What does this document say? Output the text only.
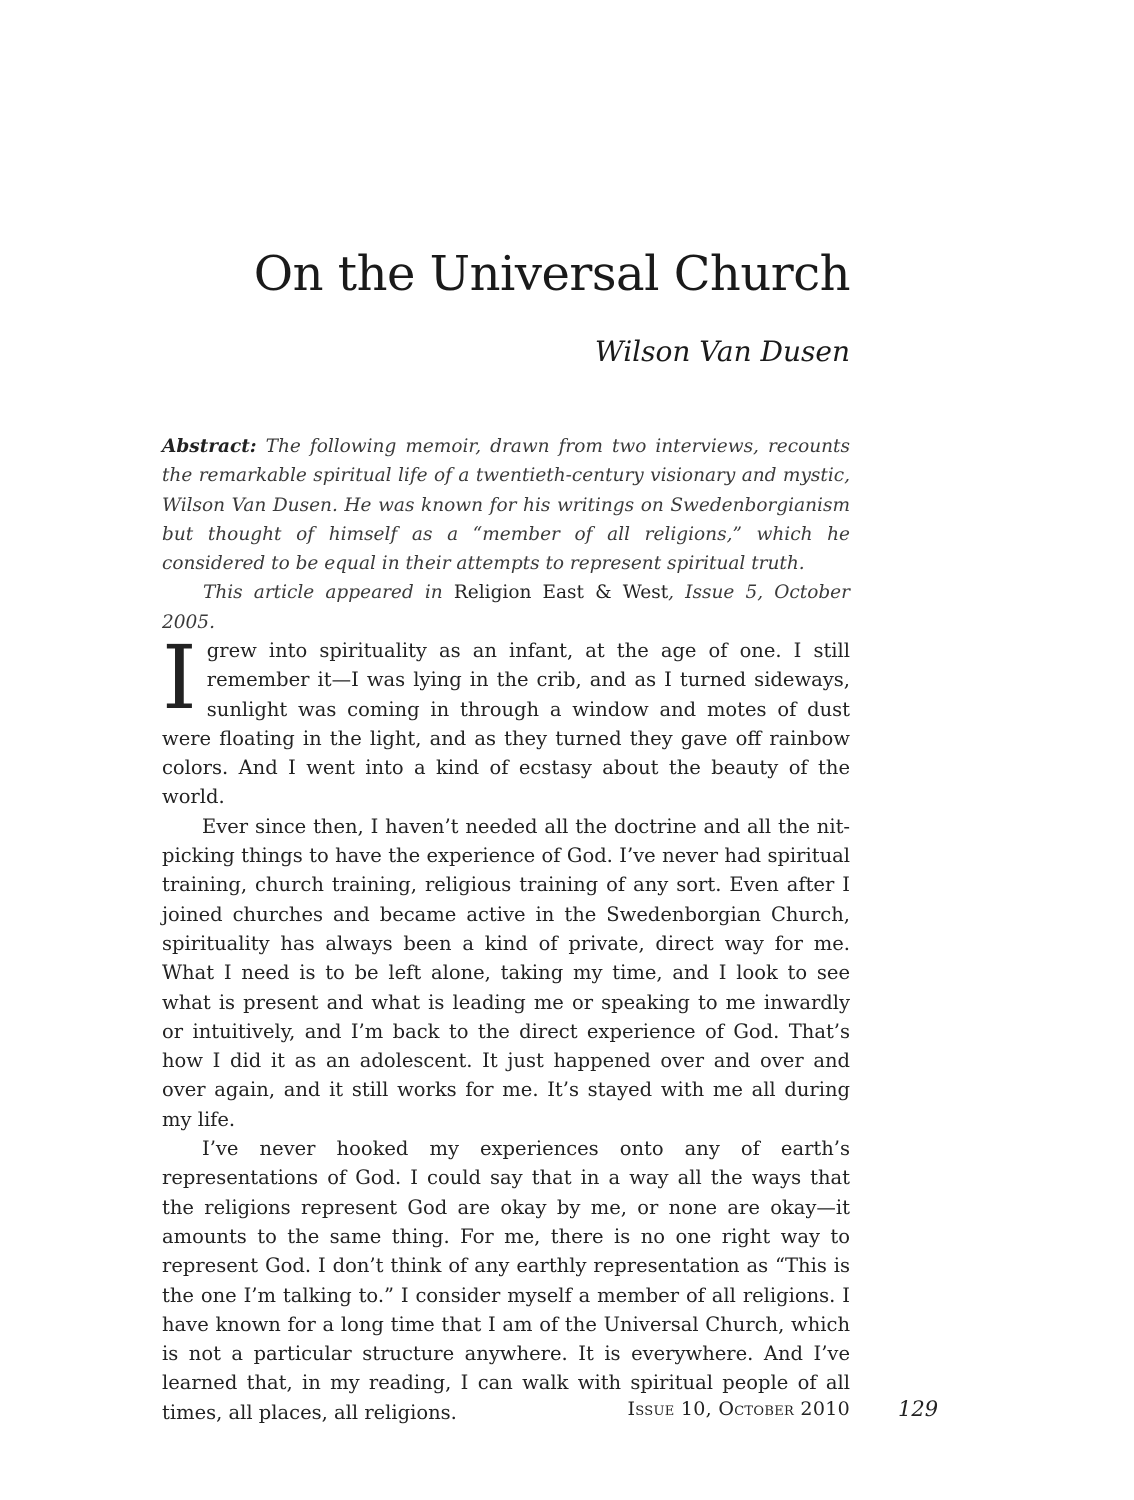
On the Universal Church
Wilson Van Dusen

Abstract: The following memoir, drawn from two interviews, recounts the remarkable spiritual life of a twentieth-century visionary and mystic, Wilson Van Dusen. He was known for his writings on Swedenborgianism but thought of himself as a “member of all religions,” which he considered to be equal in their attempts to represent spiritual truth.

This article appeared in Religion East & West, Issue 5, October 2005.

Igrew into spirituality as an infant, at the age of one. I still remember it—I was lying in the crib, and as I turned sideways, sunlight was coming in through a window and motes of dust were floating in the light, and as they turned they gave off rainbow colors. And I went into a kind of ecstasy about the beauty of the world.

Ever since then, I haven’t needed all the doctrine and all the nit-picking things to have the experience of God. I’ve never had spiritual training, church training, religious training of any sort. Even after I joined churches and became active in the Swedenborgian Church, spirituality has always been a kind of private, direct way for me. What I need is to be left alone, taking my time, and I look to see what is present and what is leading me or speaking to me inwardly or intuitively, and I’m back to the direct experience of God. That’s how I did it as an adolescent. It just happened over and over and over again, and it still works for me. It’s stayed with me all during my life.

I’ve never hooked my experiences onto any of earth’s representations of God. I could say that in a way all the ways that the religions represent God are okay by me, or none are okay—it amounts to the same thing. For me, there is no one right way to represent God. I don’t think of any earthly representation as “This is the one I’m talking to.” I consider myself a member of all religions. I have known for a long time that I am of the Universal Church, which is not a particular structure anywhere. It is everywhere. And I’ve learned that, in my reading, I can walk with spiritual people of all times, all places, all religions.	Issue 10, October 2010 129
